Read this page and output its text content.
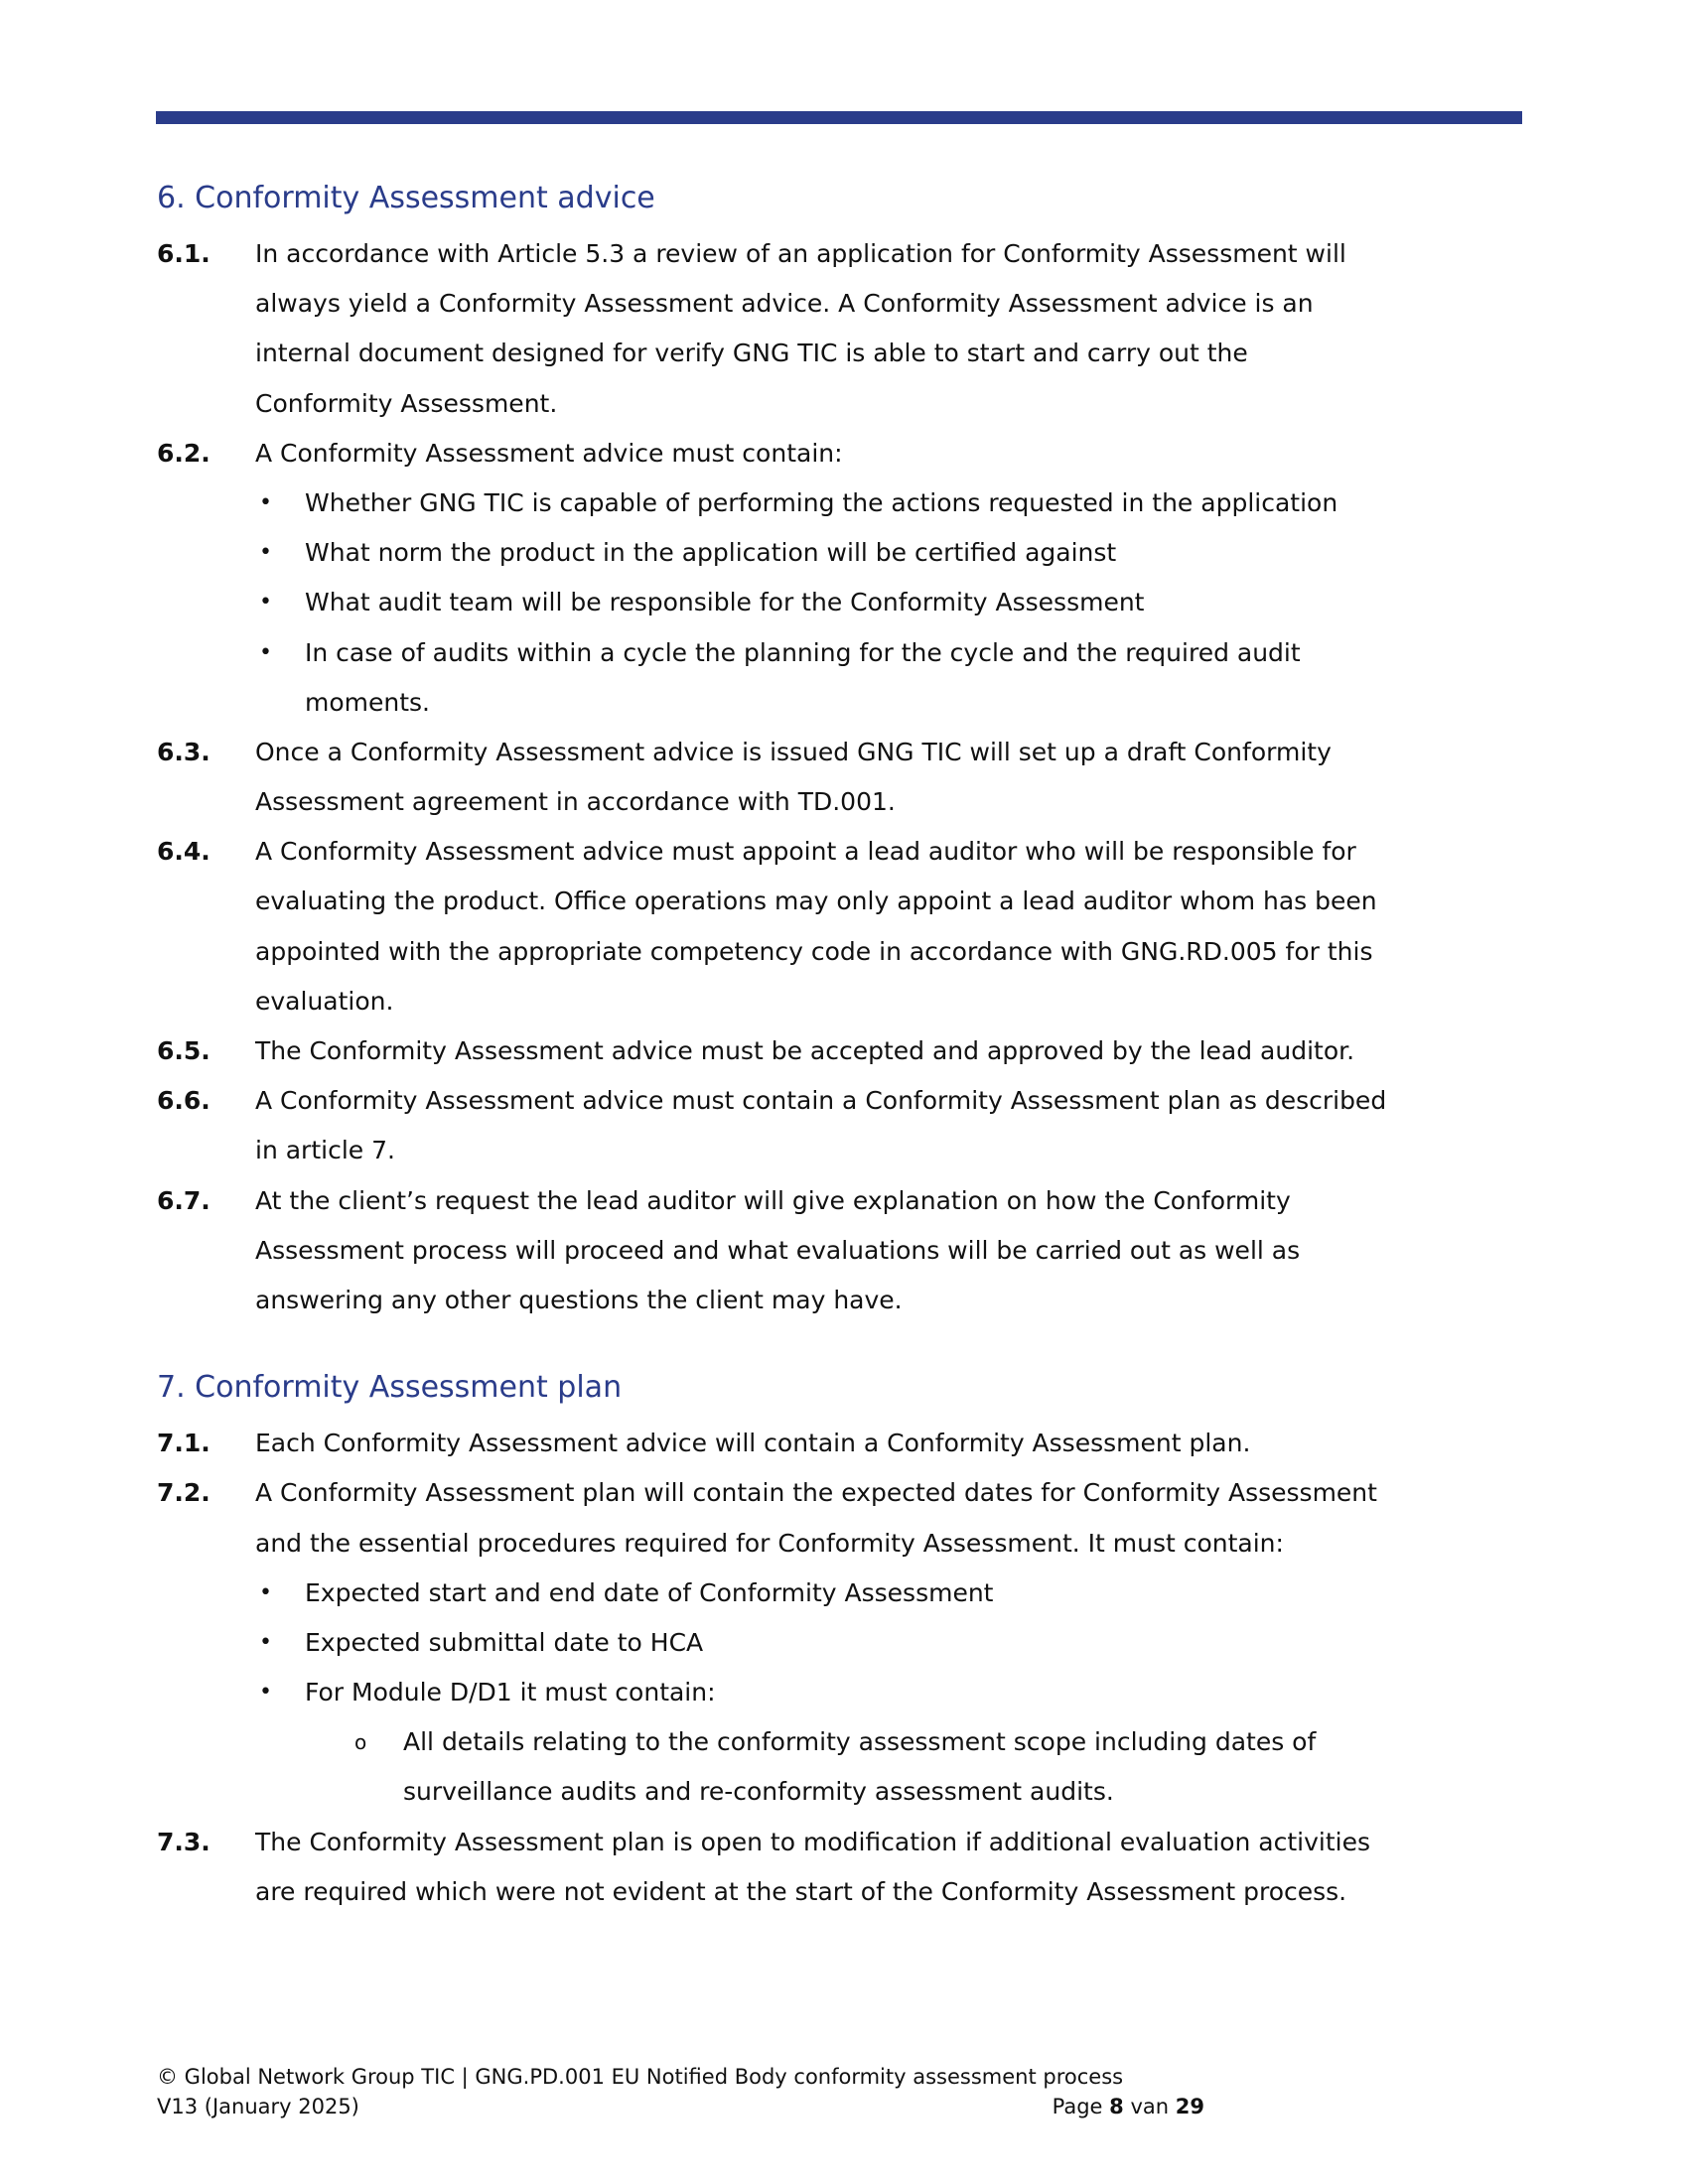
6. Conformity Assessment advice
6.1. In accordance with Article 5.3 a review of an application for Conformity Assessment will
always yield a Conformity Assessment advice. A Conformity Assessment advice is an
internal document designed for verify GNG TIC is able to start and carry out the
Conformity Assessment.
6.2. A Conformity Assessment advice must contain:
• Whether GNG TIC is capable of performing the actions requested in the application
• What norm the product in the application will be certified against
• What audit team will be responsible for the Conformity Assessment
• In case of audits within a cycle the planning for the cycle and the required audit
moments.
6.3. Once a Conformity Assessment advice is issued GNG TIC will set up a draft Conformity
Assessment agreement in accordance with TD.001.
6.4. A Conformity Assessment advice must appoint a lead auditor who will be responsible for
evaluating the product. Office operations may only appoint a lead auditor whom has been
appointed with the appropriate competency code in accordance with GNG.RD.005 for this
evaluation.
6.5. The Conformity Assessment advice must be accepted and approved by the lead auditor.
6.6. A Conformity Assessment advice must contain a Conformity Assessment plan as described
in article 7.
6.7. At the client’s request the lead auditor will give explanation on how the Conformity
Assessment process will proceed and what evaluations will be carried out as well as
answering any other questions the client may have.
7. Conformity Assessment plan
7.1. Each Conformity Assessment advice will contain a Conformity Assessment plan.
7.2. A Conformity Assessment plan will contain the expected dates for Conformity Assessment
and the essential procedures required for Conformity Assessment. It must contain:
• Expected start and end date of Conformity Assessment
• Expected submittal date to HCA
• For Module D/D1 it must contain:
o All details relating to the conformity assessment scope including dates of
surveillance audits and re-conformity assessment audits.
7.3. The Conformity Assessment plan is open to modification if additional evaluation activities
are required which were not evident at the start of the Conformity Assessment process.
© Global Network Group TIC | GNG.PD.001 EU Notified Body conformity assessment process
V13 (January 2025)	Page 8 van 29
